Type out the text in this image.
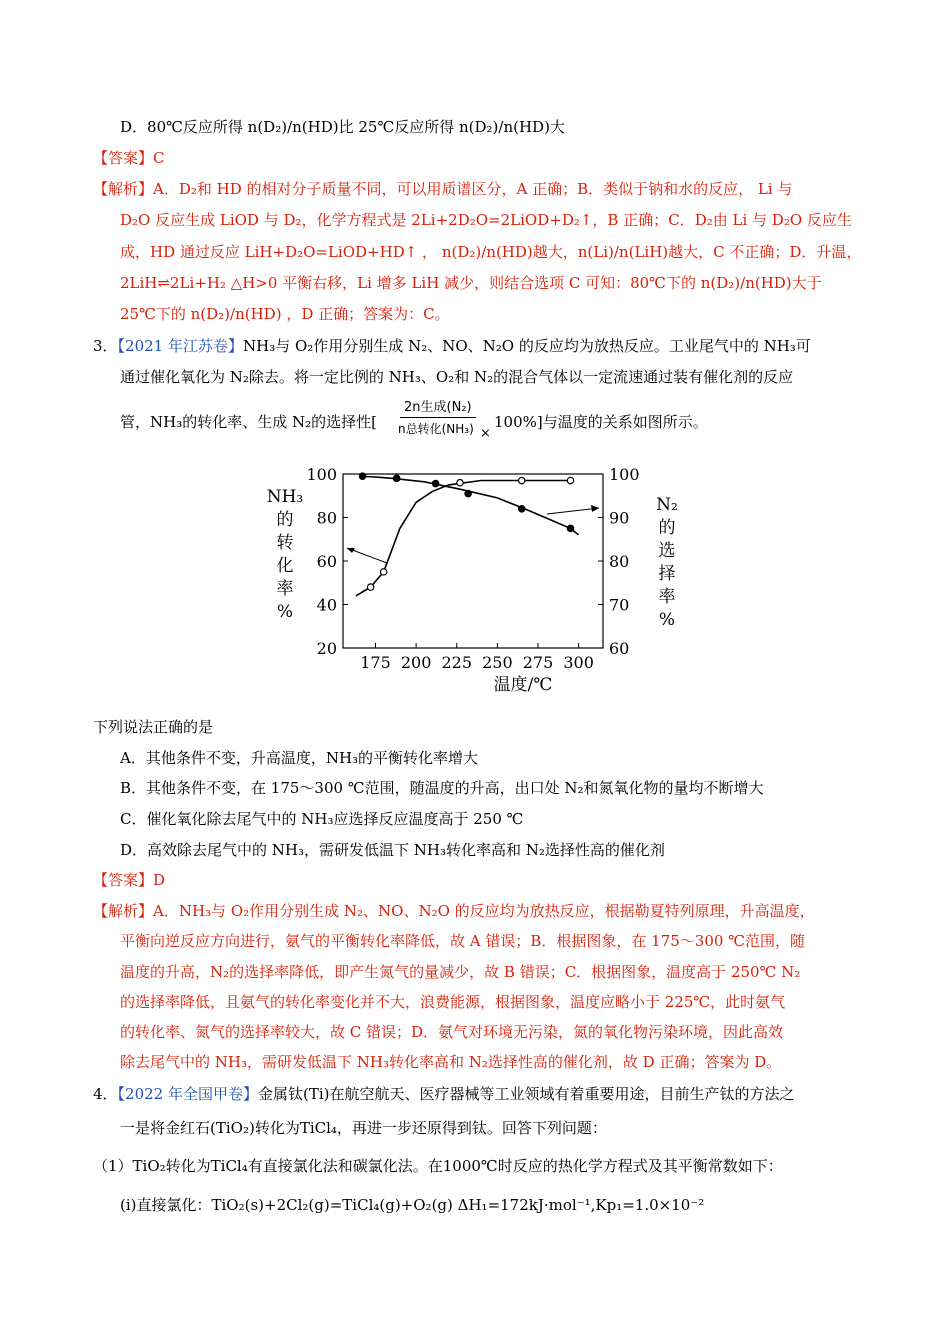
D．80℃反应所得 n(D₂)/n(HD)比 25℃反应所得 n(D₂)/n(HD)大
【答案】C
【解析】A．D₂和 HD 的相对分子质量不同，可以用质谱区分，A 正确；B．类似于钠和水的反应， Li 与
D₂O 反应生成 LiOD 与 D₂，化学方程式是 2Li+2D₂O=2LiOD+D₂↑，B 正确；C．D₂由 Li 与 D₂O 反应生
成，HD 通过反应 LiH+D₂O=LiOD+HD↑ ， n(D₂)/n(HD)越大，n(Li)/n(LiH)越大，C 不正确；D．升温，
2LiH⇌2Li+H₂ △H>0 平衡右移，Li 增多 LiH 减少，则结合选项 C 可知：80℃下的 n(D₂)/n(HD)大于
25℃下的 n(D₂)/n(HD) ，D 正确；答案为：C。
3．【2021 年江苏卷】NH₃与 O₂作用分别生成 N₂、NO、N₂O 的反应均为放热反应。工业尾气中的 NH₃可
通过催化氧化为 N₂除去。将一定比例的 NH₃、O₂和 N₂的混合气体以一定流速通过装有催化剂的反应
管，NH₃的转化率、生成 N₂的选择性[
2n生成(N₂)
n总转化(NH₃) ×
100%]与温度的关系如图所示。
175 200 225 250 275 300
100
80
60
40
20
100
90
80
70
60
温度/℃
NH₃ 的转化率%
N₂ 的选择率%
下列说法正确的是
A．其他条件不变，升高温度，NH₃的平衡转化率增大
B．其他条件不变，在 175～300 ℃范围，随温度的升高，出口处 N₂和氮氧化物的量均不断增大
C．催化氧化除去尾气中的 NH₃应选择反应温度高于 250 ℃
D．高效除去尾气中的 NH₃，需研发低温下 NH₃转化率高和 N₂选择性高的催化剂
【答案】D
【解析】A．NH₃与 O₂作用分别生成 N₂、NO、N₂O 的反应均为放热反应，根据勒夏特列原理，升高温度，
平衡向逆反应方向进行，氨气的平衡转化率降低，故 A 错误；B．根据图象，在 175～300 ℃范围，随
温度的升高，N₂的选择率降低，即产生氮气的量减少，故 B 错误；C．根据图象，温度高于 250℃ N₂
的选择率降低，且氨气的转化率变化并不大，浪费能源，根据图象，温度应略小于 225℃，此时氨气
的转化率、氮气的选择率较大，故 C 错误；D．氨气对环境无污染，氮的氧化物污染环境，因此高效
除去尾气中的 NH₃，需研发低温下 NH₃转化率高和 N₂选择性高的催化剂，故 D 正确；答案为 D。
4．【2022 年全国甲卷】金属钛(Ti)在航空航天、医疗器械等工业领域有着重要用途，目前生产钛的方法之
一是将金红石(TiO₂)转化为TiCl₄，再进一步还原得到钛。回答下列问题：
（1）TiO₂转化为TiCl₄有直接氯化法和碳氯化法。在1000℃时反应的热化学方程式及其平衡常数如下：
(i)直接氯化：TiO₂(s)+2Cl₂(g)=TiCl₄(g)+O₂(g) ΔH₁=172kJ·mol⁻¹,Kp₁=1.0×10⁻²
